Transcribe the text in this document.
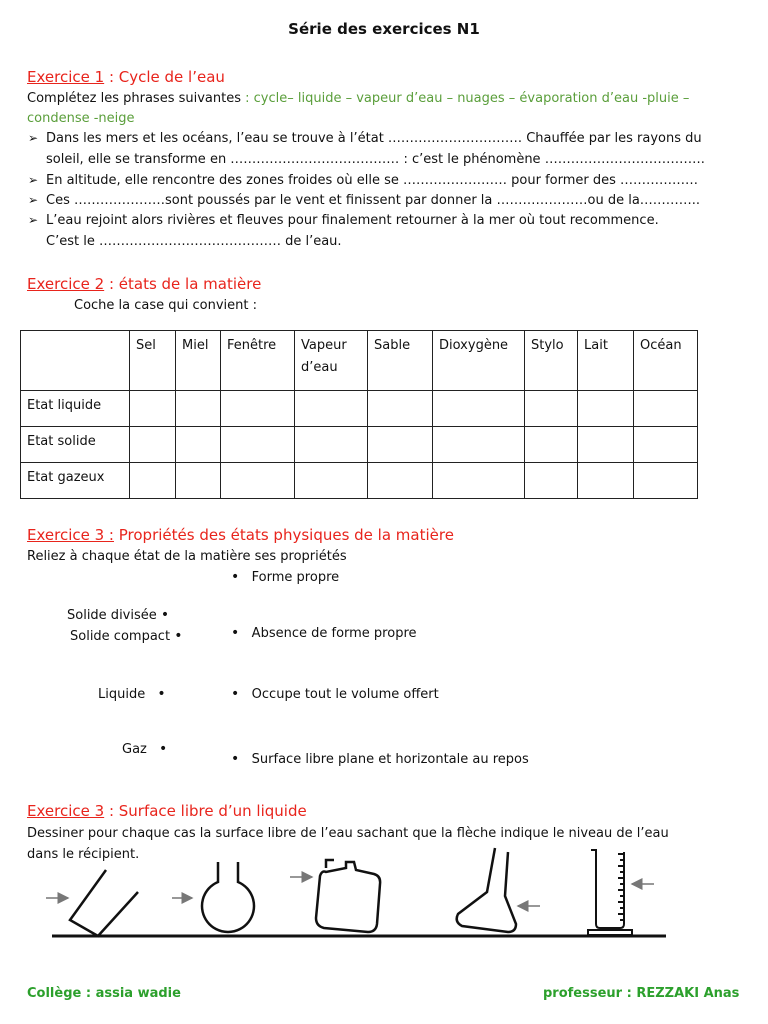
Série des exercices N1
Exercice 1 : Cycle de l’eau
Complétez les phrases suivantes : cycle– liquide – vapeur d’eau – nuages – évaporation d’eau -pluie –
condense -neige
➢ Dans les mers et les océans, l’eau se trouve à l’état …………………………. Chauffée par les rayons du
soleil, elle se transforme en ………………………………… : c’est le phénomène ……………………………….
➢ En altitude, elle rencontre des zones froides où elle se …………………… pour former des ………………
➢ Ces …………………sont poussés par le vent et finissent par donner la …………………ou de la…………..
➢ L’eau rejoint alors rivières et fleuves pour finalement retourner à la mer où tout recommence.
C’est le …………………………………… de l’eau.
Exercice 2 : états de la matière
Coche la case qui convient :
	Sel	Miel	Fenêtre	Vapeur d’eau	Sable	Dioxygène	Stylo	Lait	Océan
Etat liquide									
Etat solide									
Etat gazeux									
Exercice 3 : Propriétés des états physiques de la matière
Reliez à chaque état de la matière ses propriétés
Solide divisée •
Solide compact •
Liquide •
Gaz •
• Forme propre
• Absence de forme propre
• Occupe tout le volume offert
• Surface libre plane et horizontale au repos
Exercice 3 : Surface libre d’un liquide
Dessiner pour chaque cas la surface libre de l’eau sachant que la flèche indique le niveau de l’eau
dans le récipient.
Collège : assia wadie	professeur : REZZAKI Anas
